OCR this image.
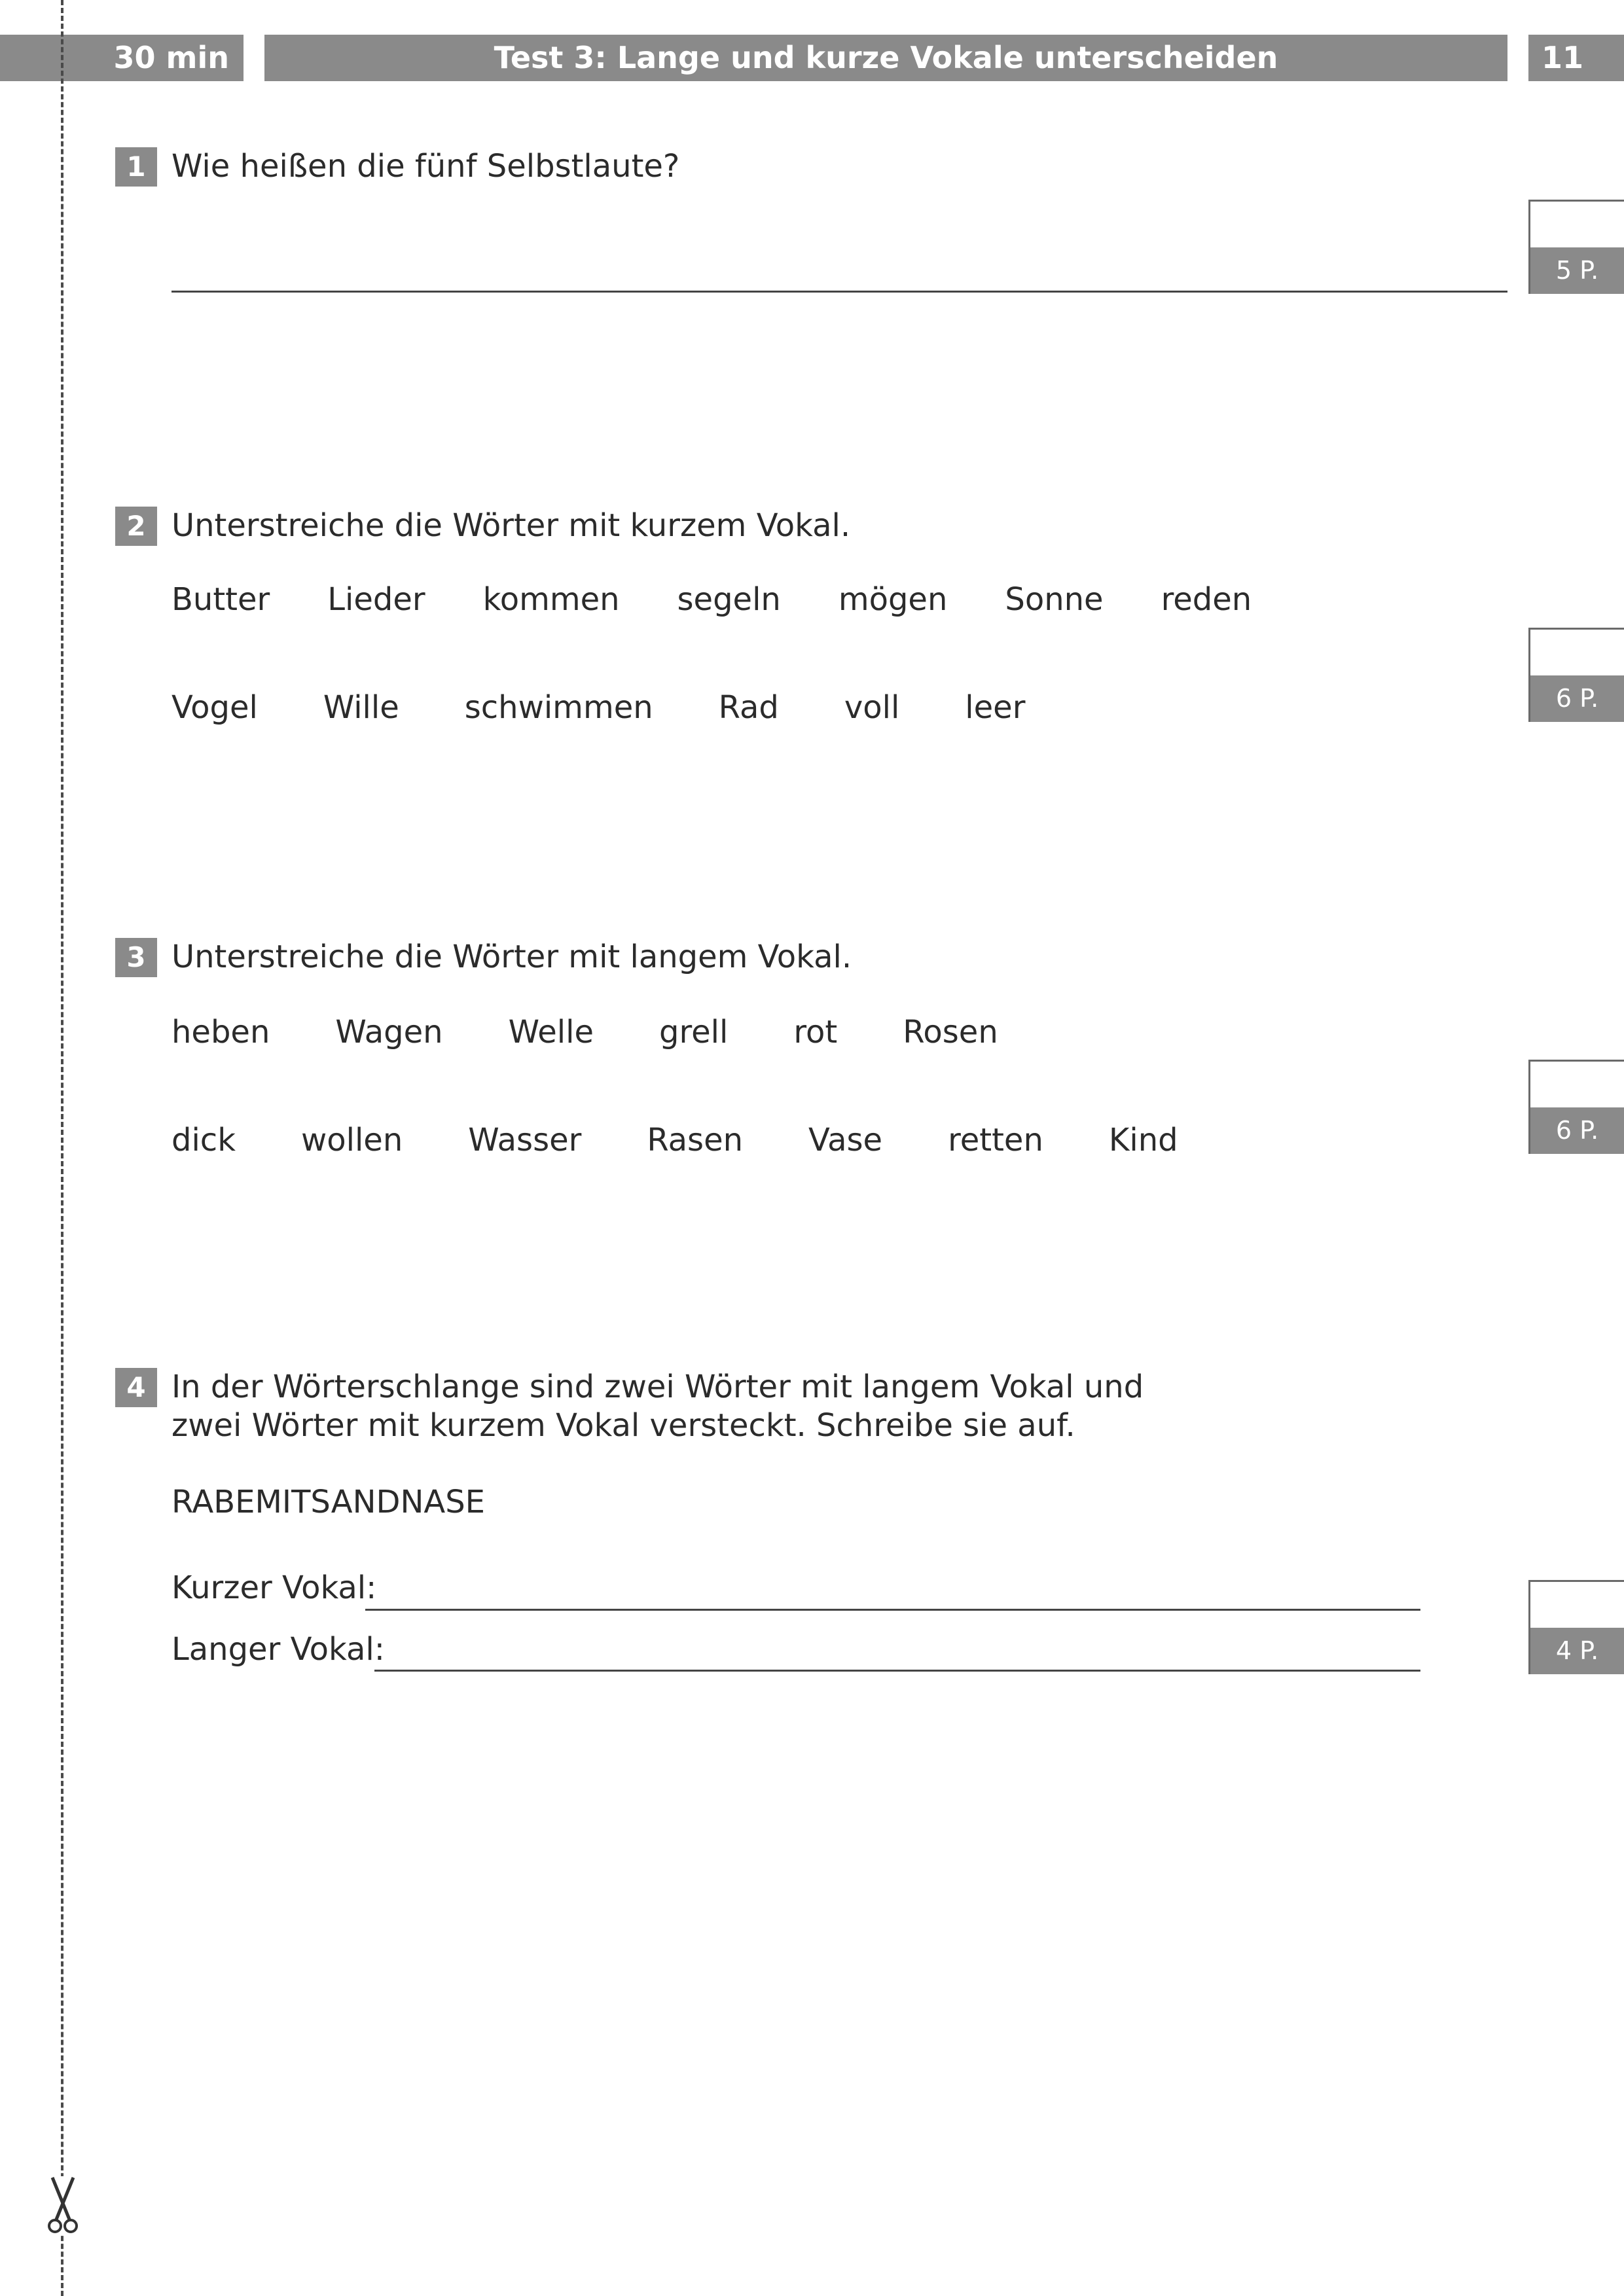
30 min	Test 3: Lange und kurze Vokale unterscheiden	11
1 Wie heißen die fünf Selbstlaute?
5 P.
2 Unterstreiche die Wörter mit kurzem Vokal.
Butter Lieder kommen segeln mögen Sonne reden
Vogel Wille schwimmen Rad voll leer	6 P.
3 Unterstreiche die Wörter mit langem Vokal.
heben Wagen Welle grell rot Rosen
dick wollen Wasser Rasen Vase retten Kind	6 P.
4 In der Wörterschlange sind zwei Wörter mit langem Vokal und
zwei Wörter mit kurzem Vokal versteckt. Schreibe sie auf.
RABEMITSANDNASE
Kurzer Vokal:
Langer Vokal:	4 P.
